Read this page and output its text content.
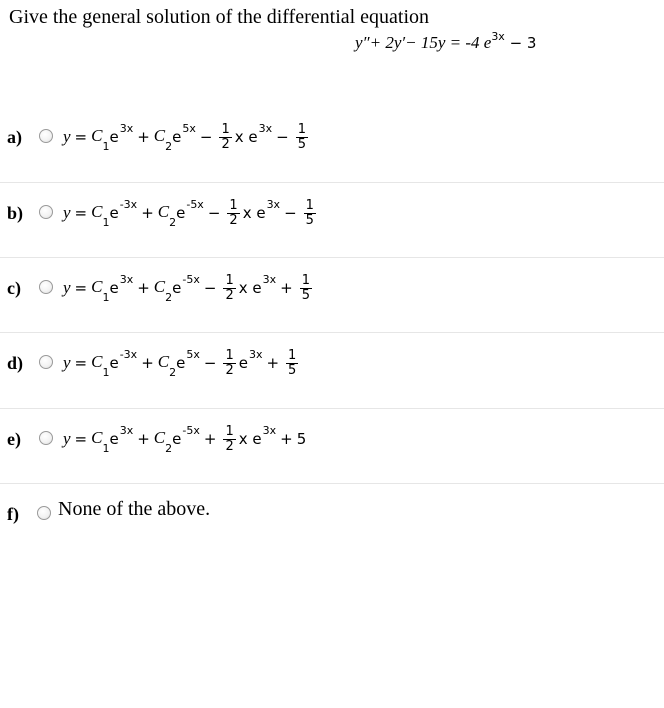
Give the general solution of the differential equation
y″+ 2y′− 15y = -4 $e^{3x} - 3$
a) $y = C_1$
e $3x + C_2$
e $5x - \frac{1}{2}$ x e $3x - \frac{1}{5}$
b) $y = C_1$
e $-3x + C_2$
e $-5x - \frac{1}{2}$ x e $3x - \frac{1}{5}$
c) $y = C_1$
e $3x + C_2$
e $-5x - \frac{1}{2}$ x e $3x + \frac{1}{5}$
d) $y = C_1$
e $-3x + C_2$
e $5x - \frac{1}{2}$ e $3x + \frac{1}{5}$
e) $y = C_1$
e $3x + C_2$
e $-5x + \frac{1}{2}$ x e 3x + 5
f) None of the above.
